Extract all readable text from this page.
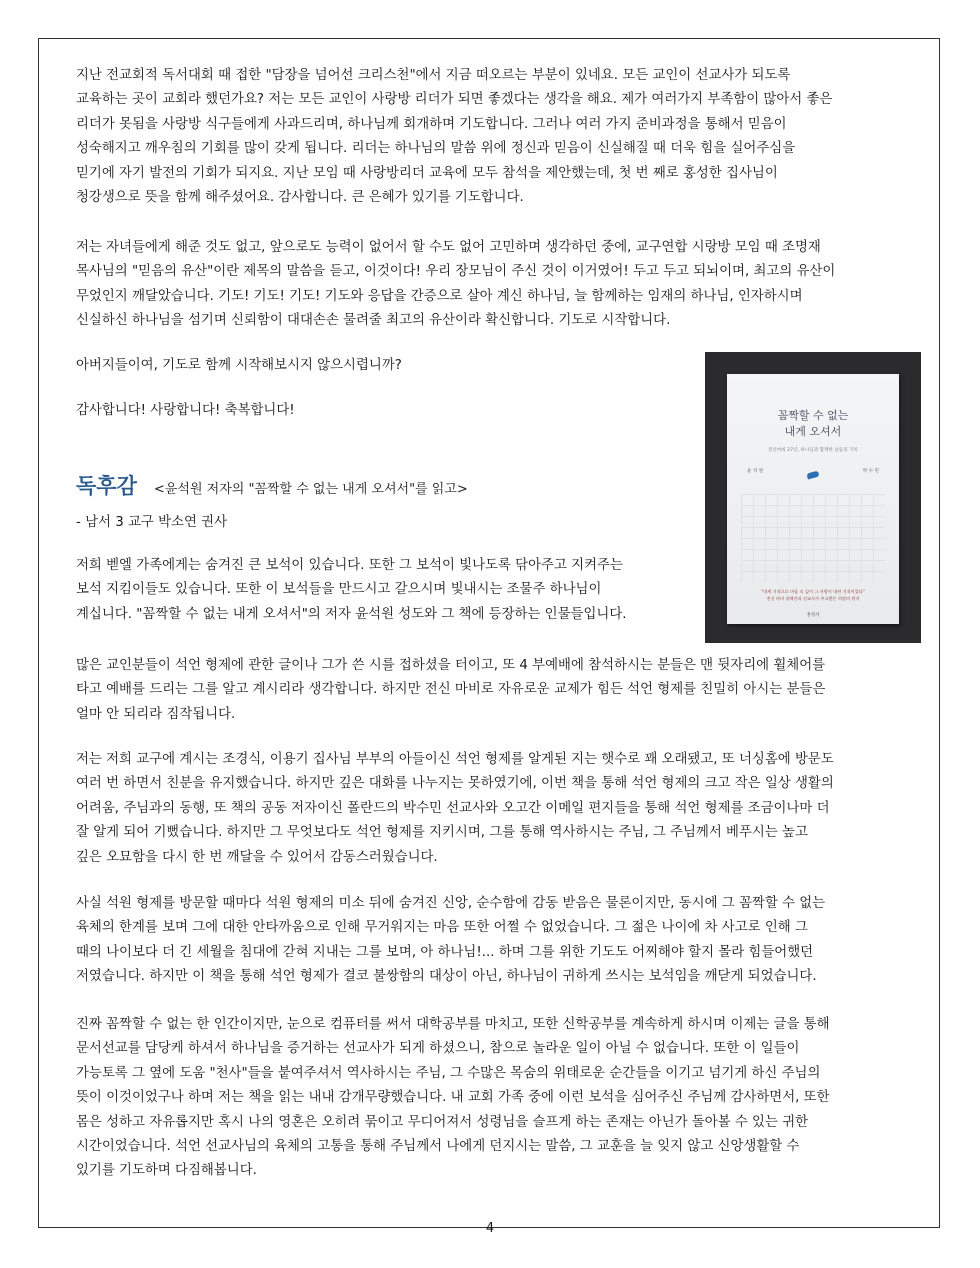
지난 전교회적 독서대회 때 접한 "담장을 넘어선 크리스천"에서 지금 떠오르는 부분이 있네요. 모든 교인이 선교사가 되도록
교육하는 곳이 교회라 했던가요? 저는 모든 교인이 사랑방 리더가 되면 좋겠다는 생각을 해요. 제가 여러가지 부족함이 많아서 좋은
리더가 못됨을 사랑방 식구들에게 사과드리며, 하나님께 회개하며 기도합니다. 그러나 여러 가지 준비과정을 통해서 믿음이
성숙해지고 깨우침의 기회를 많이 갖게 됩니다. 리더는 하나님의 말씀 위에 정신과 믿음이 신실해질 때 더욱 힘을 실어주심을
믿기에 자기 발전의 기회가 되지요. 지난 모임 때 사랑방리더 교육에 모두 참석을 제안했는데, 첫 번 째로 홍성한 집사님이
청강생으로 뜻을 함께 해주셨어요. 감사합니다. 큰 은혜가 있기를 기도합니다.
저는 자녀들에게 해준 것도 없고, 앞으로도 능력이 없어서 할 수도 없어 고민하며 생각하던 중에, 교구연합 시랑방 모임 때 조명재
목사님의 "믿음의 유산"이란 제목의 말씀을 듣고, 이것이다! 우리 장모님이 주신 것이 이거였어! 두고 두고 되뇌이며, 최고의 유산이
무었인지 깨달았습니다. 기도! 기도! 기도! 기도와 응답을 간증으로 살아 계신 하나님, 늘 함께하는 임재의 하나님, 인자하시며
신실하신 하나님을 섬기며 신뢰함이 대대손손 물려줄 최고의 유산이라 확신합니다. 기도로 시작합니다.

아버지들이여, 기도로 함께 시작해보시지 않으시렵니까?

감사합니다! 사랑합니다! 축복합니다!

독후감 <윤석원 저자의 "꼼짝할 수 없는 내게 오셔서"를 읽고>

- 남서 3 교구 박소연 권사

저희 벧엘 가족에게는 숨겨진 큰 보석이 있습니다. 또한 그 보석이 빛나도록 닦아주고 지켜주는
보석 지킴이들도 있습니다. 또한 이 보석들을 만드시고 갈으시며 빛내시는 조물주 하나님이
계십니다. "꼼짝할 수 없는 내게 오셔서"의 저자 윤석원 성도와 그 책에 등장하는 인물들입니다.
꼼짝할 수 없는
내게 오셔서
전신마비 27년, 하나님과 함께한 날들의 기록
윤 석 원	박 수 민
"내게 기적으로 마음 속 깊이 그 사랑이 내린 기적이었다"
전신 마비 장애인과 선교사가 주고받은 희망의 편지
홍성사
많은 교인분들이 석언 형제에 관한 글이나 그가 쓴 시를 접하셨을 터이고, 또 4 부예배에 참석하시는 분들은 맨 뒷자리에 휠체어를
타고 예배를 드리는 그를 알고 계시리라 생각합니다. 하지만 전신 마비로 자유로운 교제가 힘든 석언 형제를 친밀히 아시는 분들은
얼마 안 되리라 짐작됩니다.
저는 저희 교구에 계시는 조경식, 이용기 집사님 부부의 아들이신 석언 형제를 알게된 지는 햇수로 꽤 오래됐고, 또 너싱홈에 방문도
여러 번 하면서 친분을 유지했습니다. 하지만 깊은 대화를 나누지는 못하였기에, 이번 책을 통해 석언 형제의 크고 작은 일상 생활의
어려움, 주님과의 동행, 또 책의 공동 저자이신 폴란드의 박수민 선교사와 오고간 이메일 편지들을 통해 석언 형제를 조금이나마 더
잘 알게 되어 기뻤습니다. 하지만 그 무엇보다도 석언 형제를 지키시며, 그를 통해 역사하시는 주님, 그 주님께서 베푸시는 높고
깊은 오묘함을 다시 한 번 깨달을 수 있어서 감동스러웠습니다.
사실 석원 형제를 방문할 때마다 석원 형제의 미소 뒤에 숨겨진 신앙, 순수함에 감동 받음은 물론이지만, 동시에 그 꼼짝할 수 없는
육체의 한계를 보며 그에 대한 안타까움으로 인해 무거워지는 마음 또한 어쩔 수 없었습니다. 그 젊은 나이에 차 사고로 인해 그
때의 나이보다 더 긴 세월을 침대에 갇혀 지내는 그를 보며, 아 하나님!... 하며 그를 위한 기도도 어찌해야 할지 몰라 힘들어했던
저였습니다. 하지만 이 책을 통해 석언 형제가 결코 불쌍함의 대상이 아닌, 하나님이 귀하게 쓰시는 보석임을 깨닫게 되었습니다.
진짜 꼼짝할 수 없는 한 인간이지만, 눈으로 컴퓨터를 써서 대학공부를 마치고, 또한 신학공부를 계속하게 하시며 이제는 글을 통해
문서선교를 담당케 하셔서 하나님을 증거하는 선교사가 되게 하셨으니, 참으로 놀라운 일이 아닐 수 없습니다. 또한 이 일들이
가능토록 그 옆에 도움 "천사"들을 붙여주셔서 역사하시는 주님, 그 수많은 목숨의 위태로운 순간들을 이기고 넘기게 하신 주님의
뜻이 이것이었구나 하며 저는 책을 읽는 내내 감개무량했습니다. 내 교회 가족 중에 이런 보석을 심어주신 주님께 감사하면서, 또한
몸은 성하고 자유롭지만 혹시 나의 영혼은 오히려 묶이고 무디어져서 성령님을 슬프게 하는 존재는 아닌가 돌아볼 수 있는 귀한
시간이었습니다. 석언 선교사님의 육체의 고통을 통해 주님께서 나에게 던지시는 말씀, 그 교훈을 늘 잊지 않고 신앙생활할 수
있기를 기도하며 다짐해봅니다.
4
